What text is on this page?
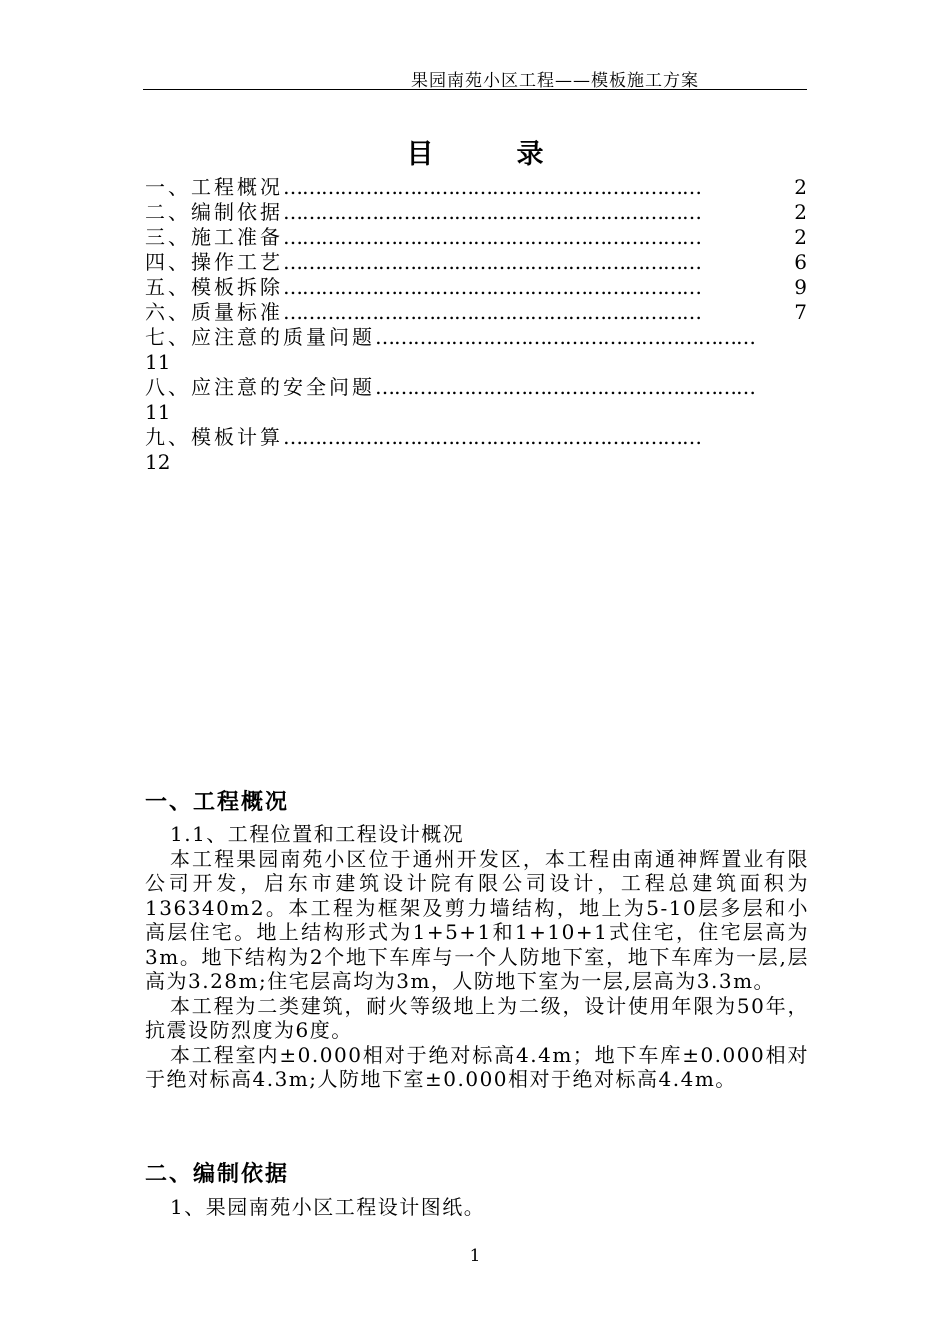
果园南苑小区工程——模板施工方案
目　录
一、工程概况 …………………………………………………………	2
二、编制依据 …………………………………………………………	2
三、施工准备 …………………………………………………………	2
四、操作工艺 …………………………………………………………	6
五、模板拆除 …………………………………………………………	9
六、质量标准 …………………………………………………………	7
七、应注意的质量问题 ……………………………………………………
11
八、应注意的安全问题 ……………………………………………………
11
九、模板计算 …………………………………………………………
12
一、工程概况

1.1、工程位置和工程设计概况

本工程果园南苑小区位于通州开发区，本工程由南通神辉置业有限公司开发，启东市建筑设计院有限公司设计，工程总建筑面积为136340m2。本工程为框架及剪力墙结构，地上为5-10层多层和小高层住宅。地上结构形式为1+5+1和1+10+1式住宅，住宅层高为3m。地下结构为2个地下车库与一个人防地下室，地下车库为一层,层高为3.28m;住宅层高均为3m，人防地下室为一层,层高为3.3m。

本工程为二类建筑，耐火等级地上为二级，设计使用年限为50年，抗震设防烈度为6度。

本工程室内±0.000相对于绝对标高4.4m；地下车库±0.000相对于绝对标高4.3m;人防地下室±0.000相对于绝对标高4.4m。

二、编制依据

1、果园南苑小区工程设计图纸。

1
